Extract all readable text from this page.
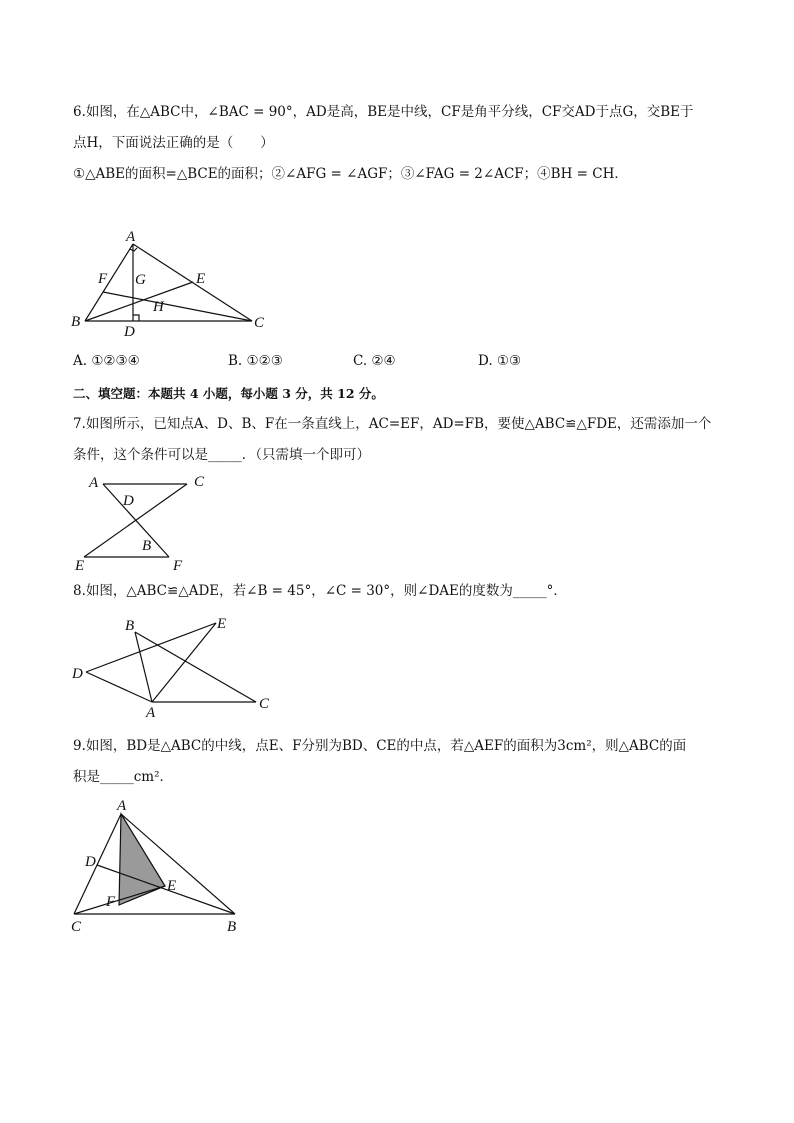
6.如图，在△ABC中，∠BAC = 90°，AD是高，BE是中线，CF是角平分线，CF交AD于点G，交BE于
点H，下面说法正确的是（　　）
①△ABE的面积=△BCE的面积；②∠AFG = ∠AGF；③∠FAG = 2∠ACF；④BH = CH．
A
B	C
D
E
F G
H
A. ①②③④	B. ①②③	C. ②④	D. ①③
二、填空题：本题共 4 小题，每小题 3 分，共 12 分。
7.如图所示，已知点A、D、B、F在一条直线上，AC=EF，AD=FB，要使△ABC≌△FDE，还需添加一个
条件，这个条件可以是_____．（只需填一个即可）
A	C
D
B
E	F
8.如图，△ABC≌△ADE，若∠B = 45°，∠C = 30°，则∠DAE的度数为_____°．
B	E
D
A
C
9.如图，BD是△ABC的中线，点E、F分别为BD、CE的中点，若△AEF的面积为3cm²，则△ABC的面
积是_____cm²．
A
D
E
F
C	B
